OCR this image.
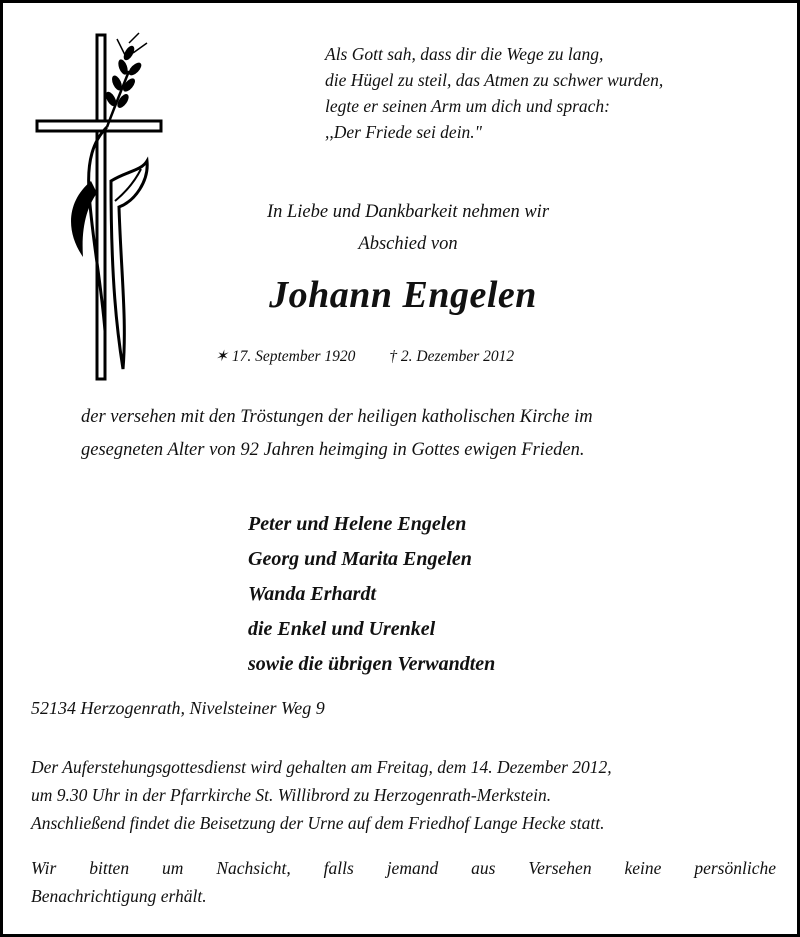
Als Gott sah, dass dir die Wege zu lang,
die Hügel zu steil, das Atmen zu schwer wurden,
legte er seinen Arm um dich und sprach:
,,Der Friede sei dein."
In Liebe und Dankbarkeit nehmen wir
Abschied von
Johann Engelen
✶ 17. September 1920 † 2. Dezember 2012
der versehen mit den Tröstungen der heiligen katholischen Kirche im
gesegneten Alter von 92 Jahren heimging in Gottes ewigen Frieden.
Peter und Helene Engelen
Georg und Marita Engelen
Wanda Erhardt
die Enkel und Urenkel
sowie die übrigen Verwandten
52134 Herzogenrath, Nivelsteiner Weg 9
Der Auferstehungsgottesdienst wird gehalten am Freitag, dem 14. Dezember 2012,
um 9.30 Uhr in der Pfarrkirche St. Willibrord zu Herzogenrath-Merkstein.
Anschließend findet die Beisetzung der Urne auf dem Friedhof Lange Hecke statt.
Wir bitten um Nachsicht, falls jemand aus Versehen keine persönliche
Benachrichtigung erhält.
